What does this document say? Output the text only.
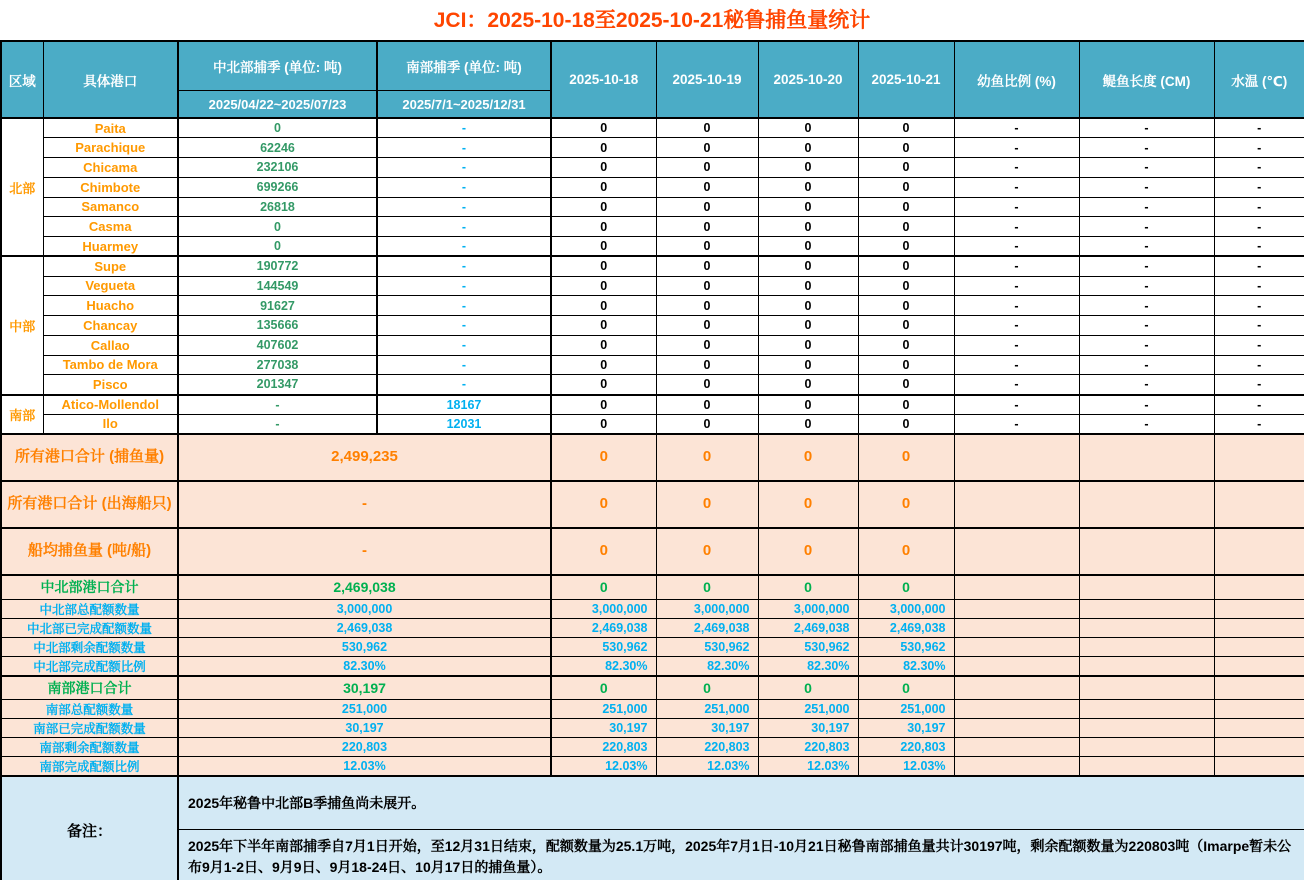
JCI：2025-10-18至2025-10-21秘鲁捕鱼量统计
区域	具体港口	中北部捕季 (单位: 吨)	南部捕季 (单位: 吨)	2025-10-18	2025-10-19	2025-10-20	2025-10-21	幼鱼比例 (%)	鳀鱼长度 (CM)	水温 (℃)
		2025/04/22~2025/07/23	2025/7/1~2025/12/31							
北部	Paita	0	-	0	0	0	0	-	-	-
	Parachique	62246	-	0	0	0	0	-	-	-
	Chicama	232106	-	0	0	0	0	-	-	-
	Chimbote	699266	-	0	0	0	0	-	-	-
	Samanco	26818	-	0	0	0	0	-	-	-
	Casma	0	-	0	0	0	0	-	-	-
	Huarmey	0	-	0	0	0	0	-	-	-
中部	Supe	190772	-	0	0	0	0	-	-	-
	Vegueta	144549	-	0	0	0	0	-	-	-
	Huacho	91627	-	0	0	0	0	-	-	-
	Chancay	135666	-	0	0	0	0	-	-	-
	Callao	407602	-	0	0	0	0	-	-	-
	Tambo de Mora	277038	-	0	0	0	0	-	-	-
	Pisco	201347	-	0	0	0	0	-	-	-
南部	Atico-Mollendol	-	18167	0	0	0	0	-	-	-
	Ilo	-	12031	0	0	0	0	-	-	-
所有港口合计 (捕鱼量)		2,499,235		0	0	0	0			
所有港口合计 (出海船只)		-		0	0	0	0			
船均捕鱼量 (吨/船)		-		0	0	0	0			
中北部港口合计		2,469,038		0	0	0	0			
中北部总配额数量		3,000,000		3,000,000	3,000,000	3,000,000	3,000,000			
中北部已完成配额数量		2,469,038		2,469,038	2,469,038	2,469,038	2,469,038			
中北部剩余配额数量		530,962		530,962	530,962	530,962	530,962			
中北部完成配额比例		82.30%		82.30%	82.30%	82.30%	82.30%			
南部港口合计		30,197		0	0	0	0			
南部总配额数量		251,000		251,000	251,000	251,000	251,000			
南部已完成配额数量		30,197		30,197	30,197	30,197	30,197			
南部剩余配额数量		220,803		220,803	220,803	220,803	220,803			
南部完成配额比例		12.03%		12.03%	12.03%	12.03%	12.03%			
备注：		2025年秘鲁中北部B季捕鱼尚未展开。								
		2025年下半年南部捕季自7月1日开始，至12月31日结束，配额数量为25.1万吨，2025年7月1日-10月21日秘鲁南部捕鱼量共计30197吨，剩余配额数量为220803吨（Imarpe暂未公布9月1-2日、9月9日、9月18-24日、10月17日的捕鱼量）。								
